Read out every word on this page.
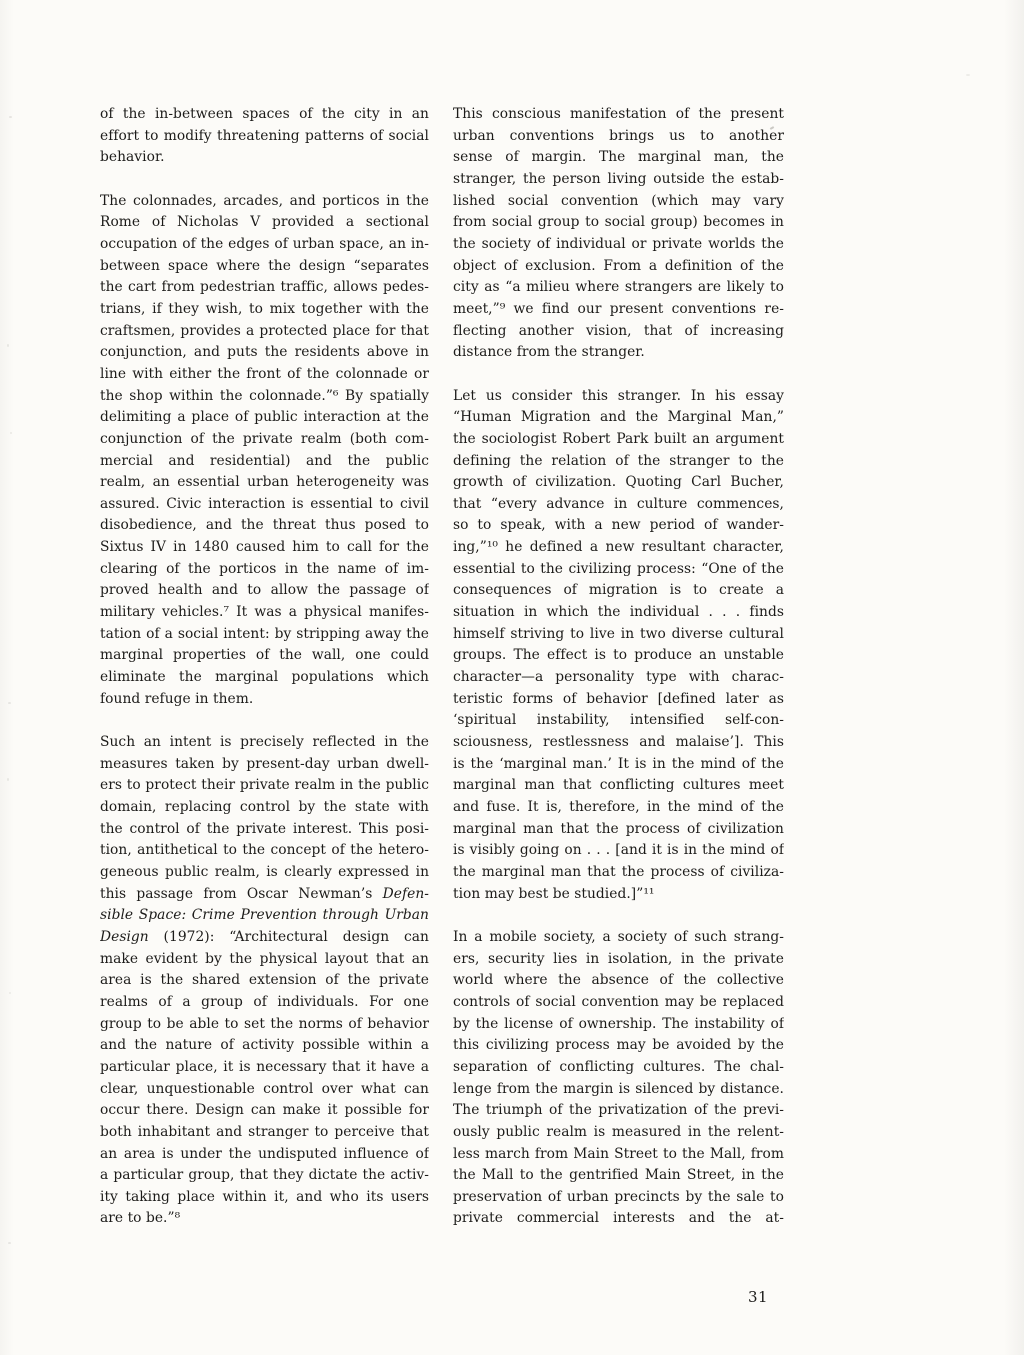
of the in-between spaces of the city in an
effort to modify threatening patterns of social
behavior.
The colonnades, arcades, and porticos in the
Rome of Nicholas V provided a sectional
occupation of the edges of urban space, an in-
between space where the design “separates
the cart from pedestrian traffic, allows pedes-
trians, if they wish, to mix together with the
craftsmen, provides a protected place for that
conjunction, and puts the residents above in
line with either the front of the colonnade or
the shop within the colonnade.”⁶ By spatially
delimiting a place of public interaction at the
conjunction of the private realm (both com-
mercial and residential) and the public
realm, an essential urban heterogeneity was
assured. Civic interaction is essential to civil
disobedience, and the threat thus posed to
Sixtus IV in 1480 caused him to call for the
clearing of the porticos in the name of im-
proved health and to allow the passage of
military vehicles.⁷ It was a physical manifes-
tation of a social intent: by stripping away the
marginal properties of the wall, one could
eliminate the marginal populations which
found refuge in them.
Such an intent is precisely reflected in the
measures taken by present-day urban dwell-
ers to protect their private realm in the public
domain, replacing control by the state with
the control of the private interest. This posi-
tion, antithetical to the concept of the hetero-
geneous public realm, is clearly expressed in
this passage from Oscar Newman’s Defen-
sible Space: Crime Prevention through Urban
Design (1972): “Architectural design can
make evident by the physical layout that an
area is the shared extension of the private
realms of a group of individuals. For one
group to be able to set the norms of behavior
and the nature of activity possible within a
particular place, it is necessary that it have a
clear, unquestionable control over what can
occur there. Design can make it possible for
both inhabitant and stranger to perceive that
an area is under the undisputed influence of
a particular group, that they dictate the activ-
ity taking place within it, and who its users
are to be.”⁸
This conscious manifestation of the present
urban conventions brings us to another
sense of margin. The marginal man, the
stranger, the person living outside the estab-
lished social convention (which may vary
from social group to social group) becomes in
the society of individual or private worlds the
object of exclusion. From a definition of the
city as “a milieu where strangers are likely to
meet,”⁹ we find our present conventions re-
flecting another vision, that of increasing
distance from the stranger.
Let us consider this stranger. In his essay
“Human Migration and the Marginal Man,”
the sociologist Robert Park built an argument
defining the relation of the stranger to the
growth of civilization. Quoting Carl Bucher,
that “every advance in culture commences,
so to speak, with a new period of wander-
ing,”¹⁰ he defined a new resultant character,
essential to the civilizing process: “One of the
consequences of migration is to create a
situation in which the individual . . . finds
himself striving to live in two diverse cultural
groups. The effect is to produce an unstable
character—a personality type with charac-
teristic forms of behavior [defined later as
‘spiritual instability, intensified self-con-
sciousness, restlessness and malaise’]. This
is the ‘marginal man.’ It is in the mind of the
marginal man that conflicting cultures meet
and fuse. It is, therefore, in the mind of the
marginal man that the process of civilization
is visibly going on . . . [and it is in the mind of
the marginal man that the process of civiliza-
tion may best be studied.]”¹¹
In a mobile society, a society of such strang-
ers, security lies in isolation, in the private
world where the absence of the collective
controls of social convention may be replaced
by the license of ownership. The instability of
this civilizing process may be avoided by the
separation of conflicting cultures. The chal-
lenge from the margin is silenced by distance.
The triumph of the privatization of the previ-
ously public realm is measured in the relent-
less march from Main Street to the Mall, from
the Mall to the gentrified Main Street, in the
preservation of urban precincts by the sale to
private commercial interests and the at-
31
